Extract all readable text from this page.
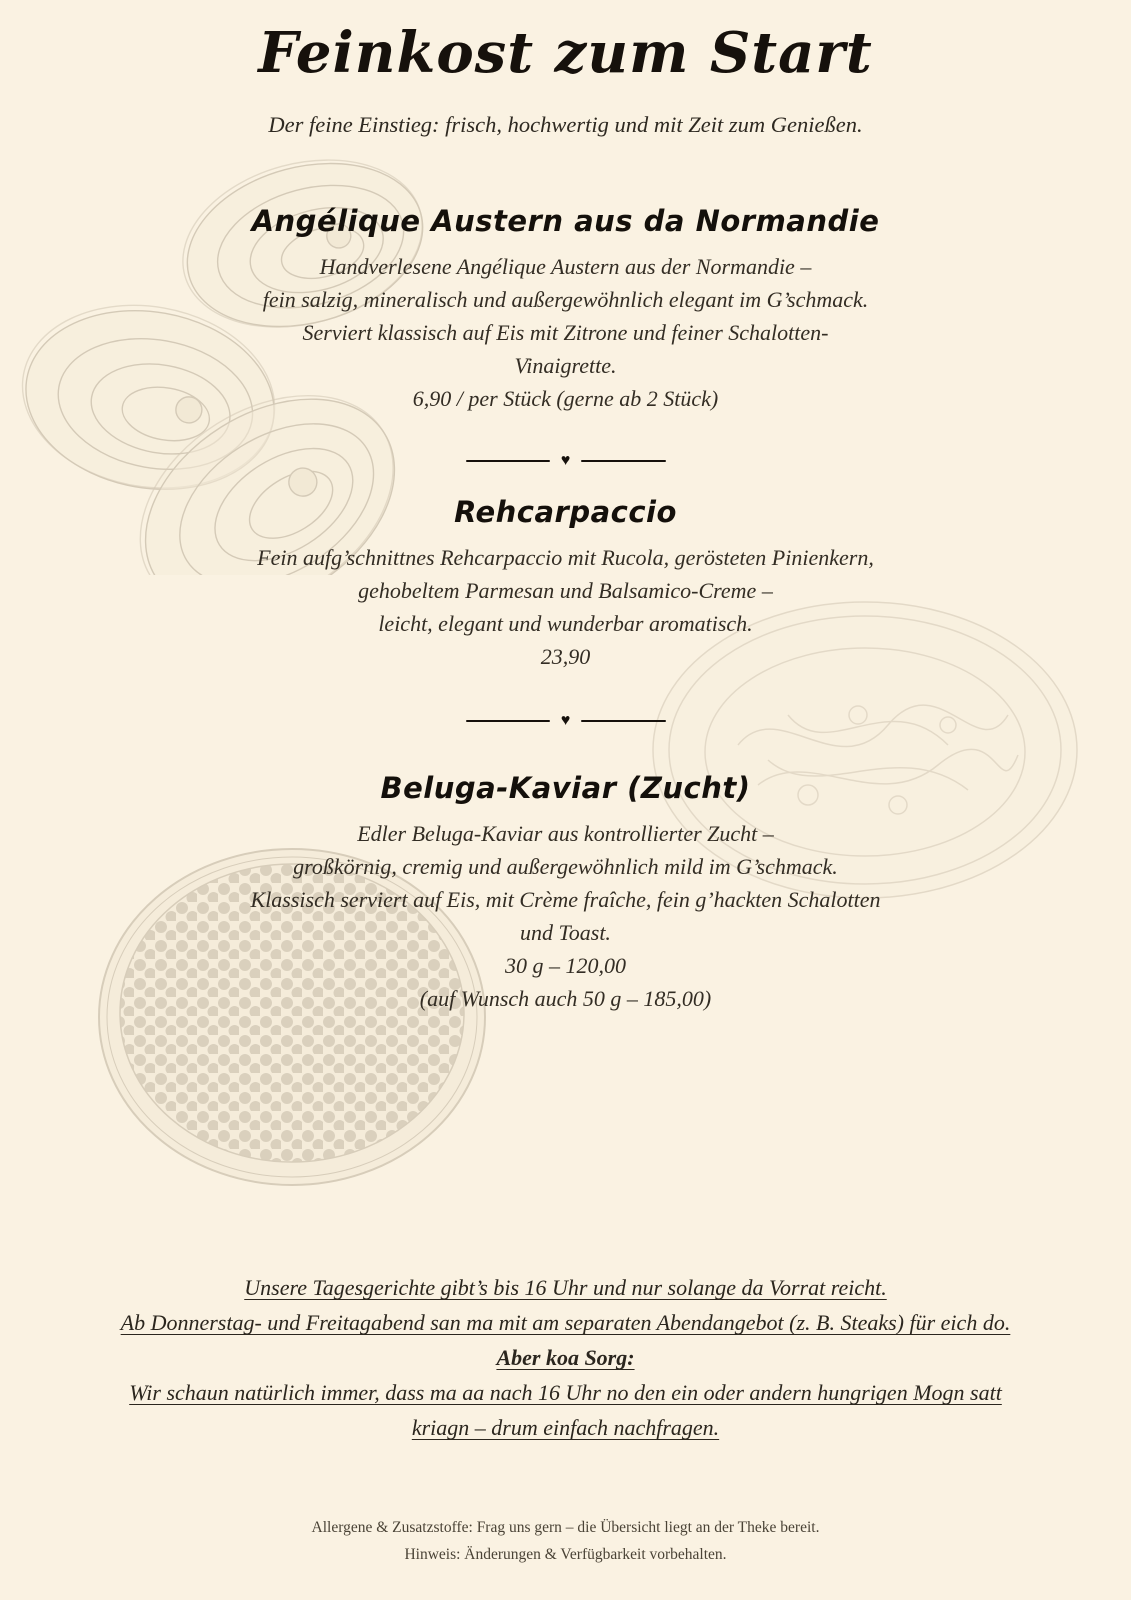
Feinkost zum Start
Der feine Einstieg: frisch, hochwertig und mit Zeit zum Genießen.
Angélique Austern aus da Normandie
Handverlesene Angélique Austern aus der Normandie –
fein salzig, mineralisch und außergewöhnlich elegant im G’schmack.
Serviert klassisch auf Eis mit Zitrone und feiner Schalotten-
Vinaigrette.
6,90 / per Stück (gerne ab 2 Stück)
♥
Rehcarpaccio
Fein aufg’schnittnes Rehcarpaccio mit Rucola, gerösteten Pinienkern,
gehobeltem Parmesan und Balsamico-Creme –
leicht, elegant und wunderbar aromatisch.
23,90
♥
Beluga-Kaviar (Zucht)
Edler Beluga-Kaviar aus kontrollierter Zucht –
großkörnig, cremig und außergewöhnlich mild im G’schmack.
Klassisch serviert auf Eis, mit Crème fraîche, fein g’hackten Schalotten
und Toast.
30 g – 120,00
(auf Wunsch auch 50 g – 185,00)
Unsere Tagesgerichte gibt’s bis 16 Uhr und nur solange da Vorrat reicht.
Ab Donnerstag- und Freitagabend san ma mit am separaten Abendangebot (z. B. Steaks) für eich do.
Aber koa Sorg:
Wir schaun natürlich immer, dass ma aa nach 16 Uhr no den ein oder andern hungrigen Mogn satt
kriagn – drum einfach nachfragen.
Allergene & Zusatzstoffe: Frag uns gern – die Übersicht liegt an der Theke bereit.
Hinweis: Änderungen & Verfügbarkeit vorbehalten.
